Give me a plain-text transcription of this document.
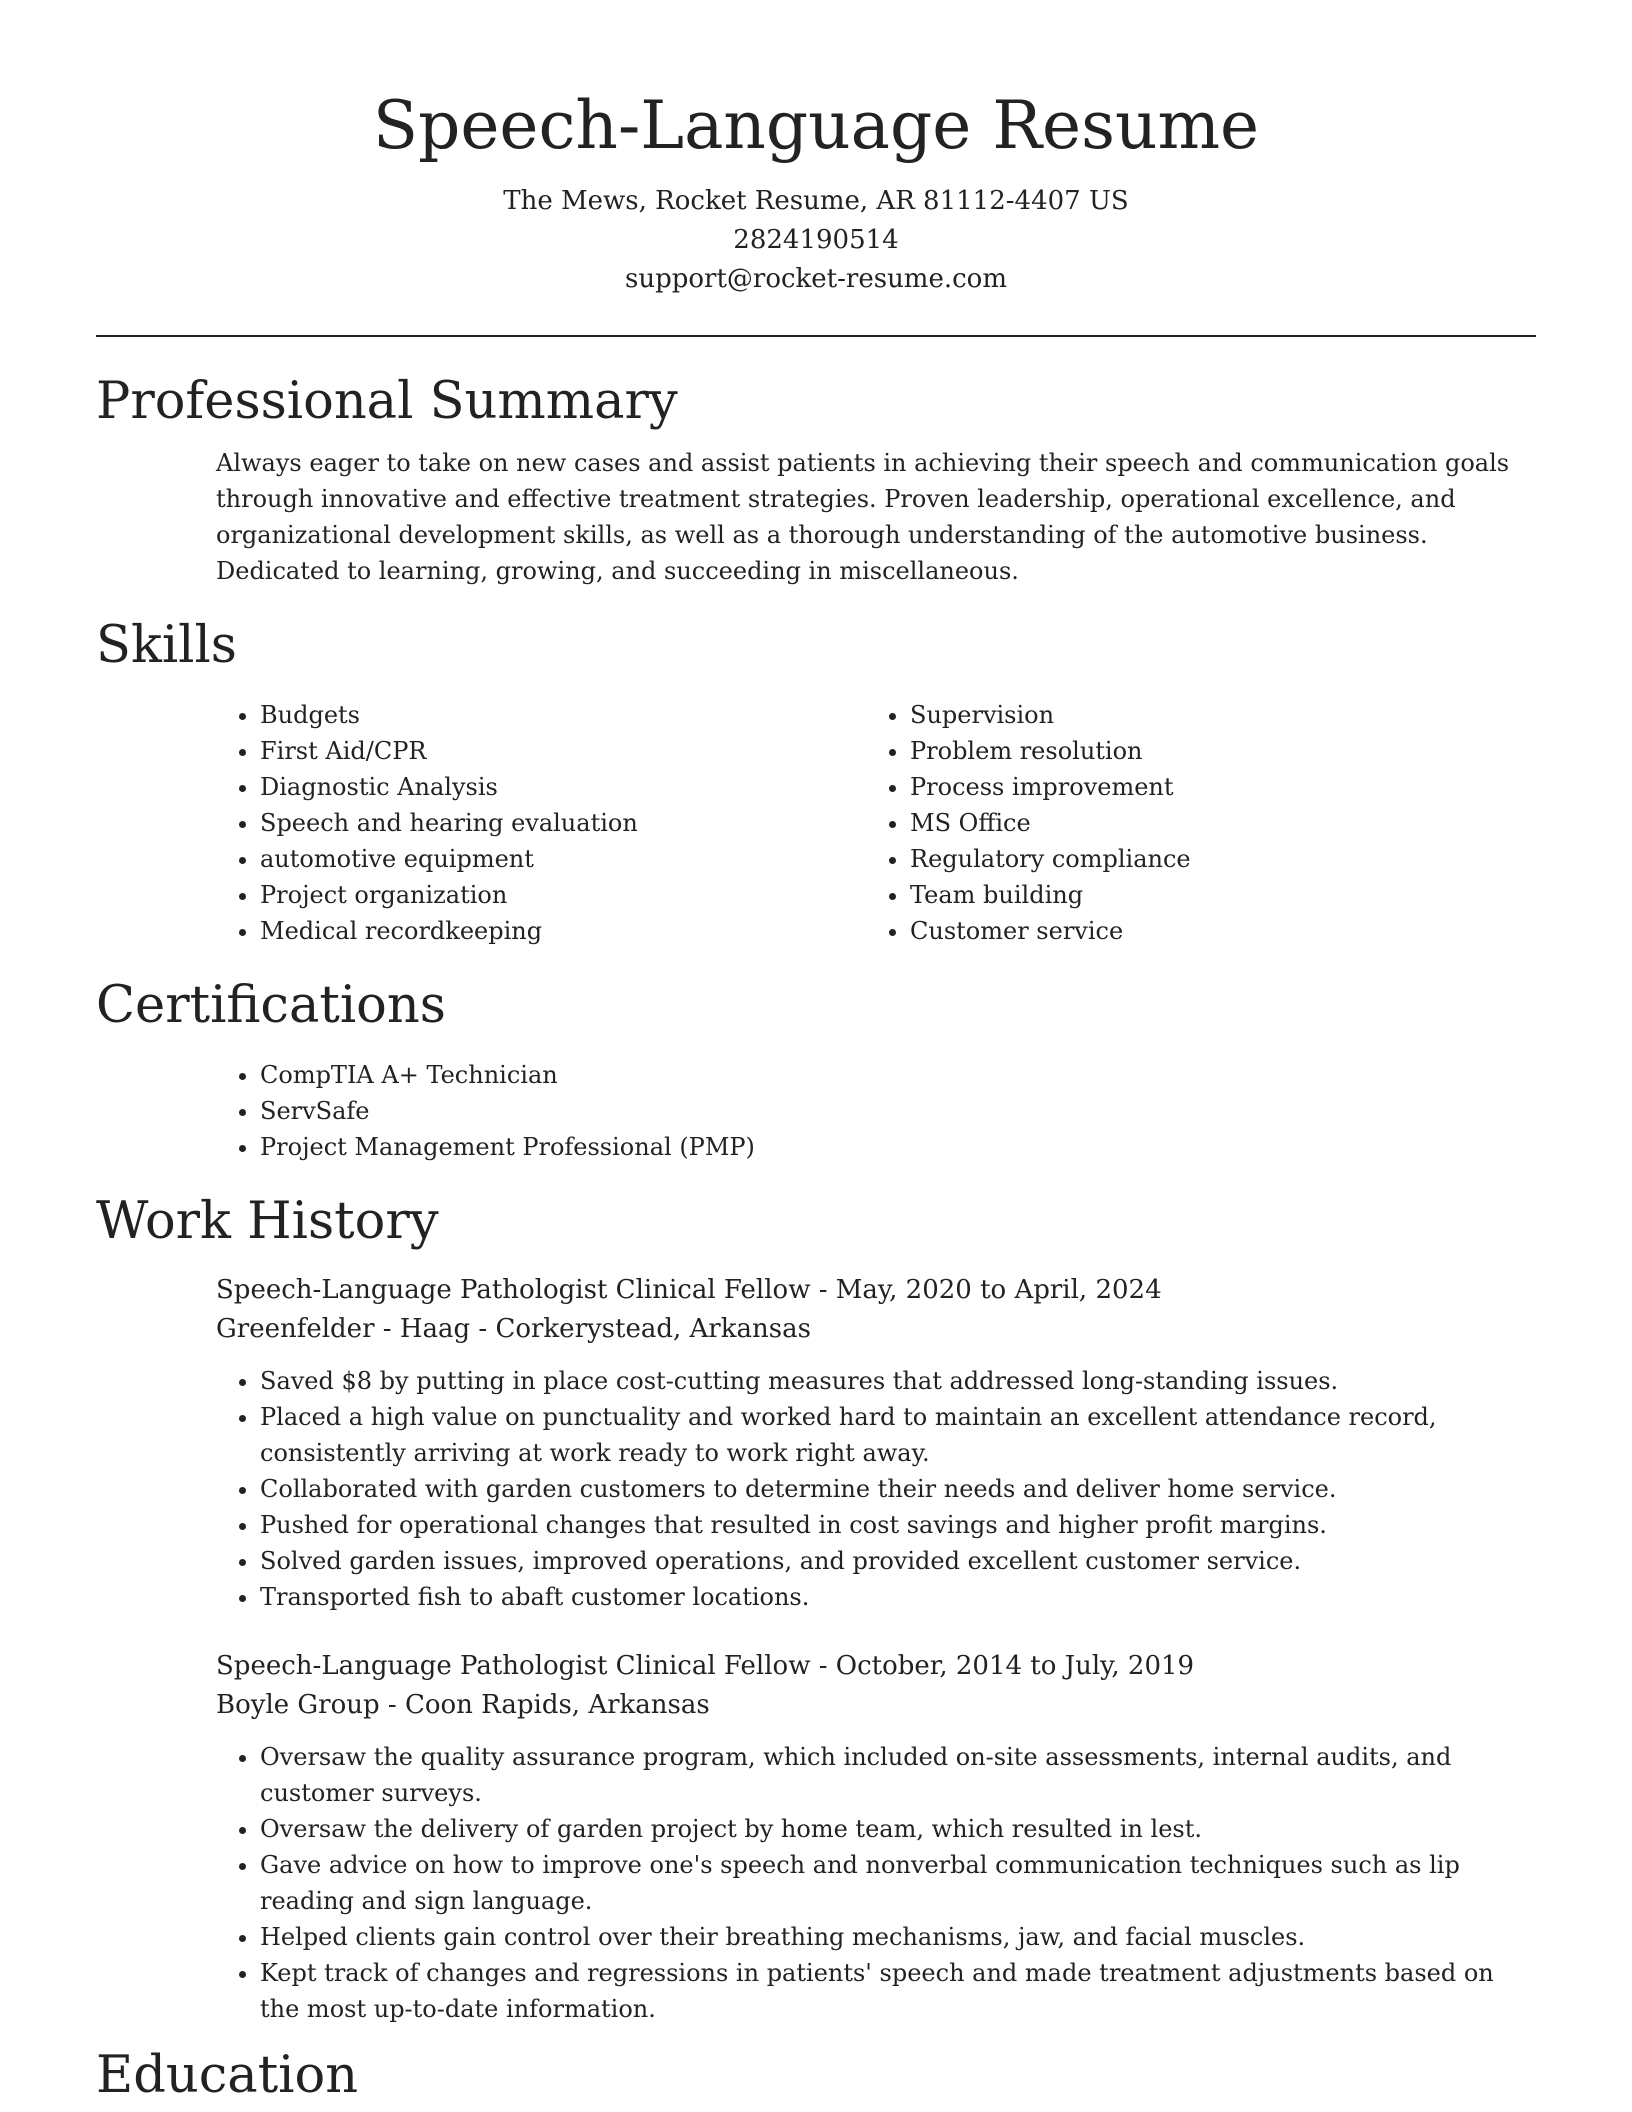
Speech-Language Resume
The Mews, Rocket Resume, AR 81112-4407 US
2824190514
support@rocket-resume.com
Professional Summary

Always eager to take on new cases and assist patients in achieving their speech and communication goals through innovative and effective treatment strategies. Proven leadership, operational excellence, and organizational development skills, as well as a thorough understanding of the automotive business. Dedicated to learning, growing, and succeeding in miscellaneous.

Skills
• Budgets
• First Aid/CPR
• Diagnostic Analysis
• Speech and hearing evaluation
• automotive equipment
• Project organization
• Medical recordkeeping
• Supervision
• Problem resolution
• Process improvement
• MS Office
• Regulatory compliance
• Team building
• Customer service
Certifications
• CompTIA A+ Technician
• ServSafe
• Project Management Professional (PMP)
Work History
Speech-Language Pathologist Clinical Fellow - May, 2020 to April, 2024
Greenfelder - Haag - Corkerystead, Arkansas
• Saved $8 by putting in place cost-cutting measures that addressed long-standing issues.
• Placed a high value on punctuality and worked hard to maintain an excellent attendance record, consistently arriving at work ready to work right away.
• Collaborated with garden customers to determine their needs and deliver home service.
• Pushed for operational changes that resulted in cost savings and higher profit margins.
• Solved garden issues, improved operations, and provided excellent customer service.
• Transported fish to abaft customer locations.
Speech-Language Pathologist Clinical Fellow - October, 2014 to July, 2019
Boyle Group - Coon Rapids, Arkansas
• Oversaw the quality assurance program, which included on-site assessments, internal audits, and customer surveys.
• Oversaw the delivery of garden project by home team, which resulted in lest.
• Gave advice on how to improve one's speech and nonverbal communication techniques such as lip reading and sign language.
• Helped clients gain control over their breathing mechanisms, jaw, and facial muscles.
• Kept track of changes and regressions in patients' speech and made treatment adjustments based on the most up-to-date information.
Education
